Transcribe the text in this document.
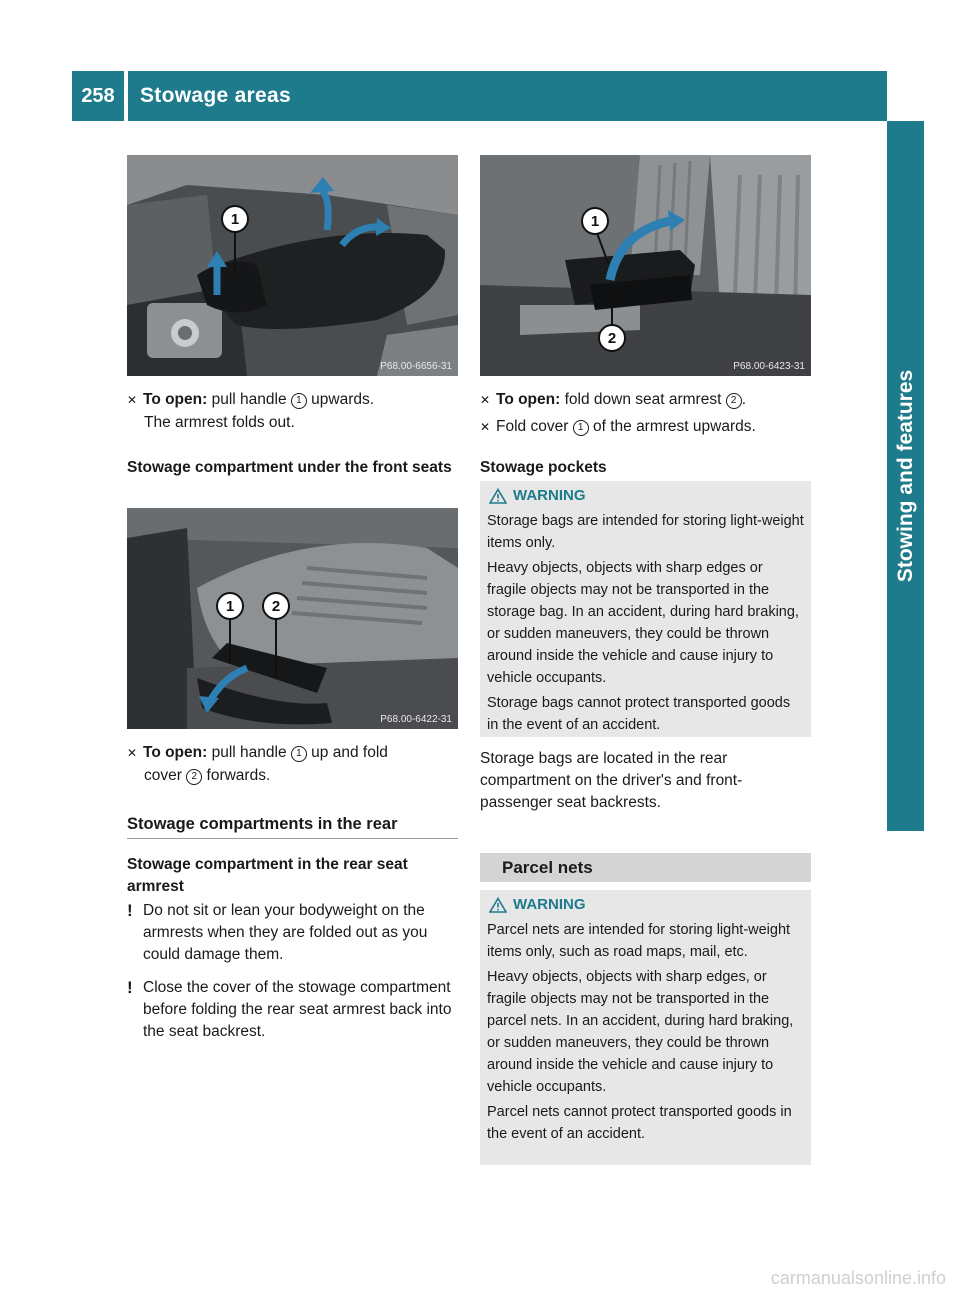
258	Stowage areas
Stowing and features
1
P68.00-6656-31
✕ To open: pull handle 1 upwards.
The armrest folds out.
Stowage compartment under the front seats
1	2
P68.00-6422-31
✕ To open: pull handle 1 up and fold
cover 2 forwards.
Stowage compartments in the rear
Stowage compartment in the rear seat armrest
! Do not sit or lean your bodyweight on the armrests when they are folded out as you could damage them.
! Close the cover of the stowage compartment before folding the rear seat armrest back into the seat backrest.
1
2
P68.00-6423-31
✕ To open: fold down seat armrest 2 .
✕ Fold cover 1 of the armrest upwards.
Stowage pockets
WARNING

Storage bags are intended for storing light-weight items only.

Heavy objects, objects with sharp edges or fragile objects may not be transported in the storage bag. In an accident, during hard braking, or sudden maneuvers, they could be thrown around inside the vehicle and cause injury to vehicle occupants.

Storage bags cannot protect transported goods in the event of an accident.

Storage bags are located in the rear compartment on the driver's and front-passenger seat backrests.
Parcel nets
WARNING

Parcel nets are intended for storing light-weight items only, such as road maps, mail, etc.

Heavy objects, objects with sharp edges, or fragile objects may not be transported in the parcel nets. In an accident, during hard braking, or sudden maneuvers, they could be thrown around inside the vehicle and cause injury to vehicle occupants.

Parcel nets cannot protect transported goods in the event of an accident.

carmanualsonline.info
